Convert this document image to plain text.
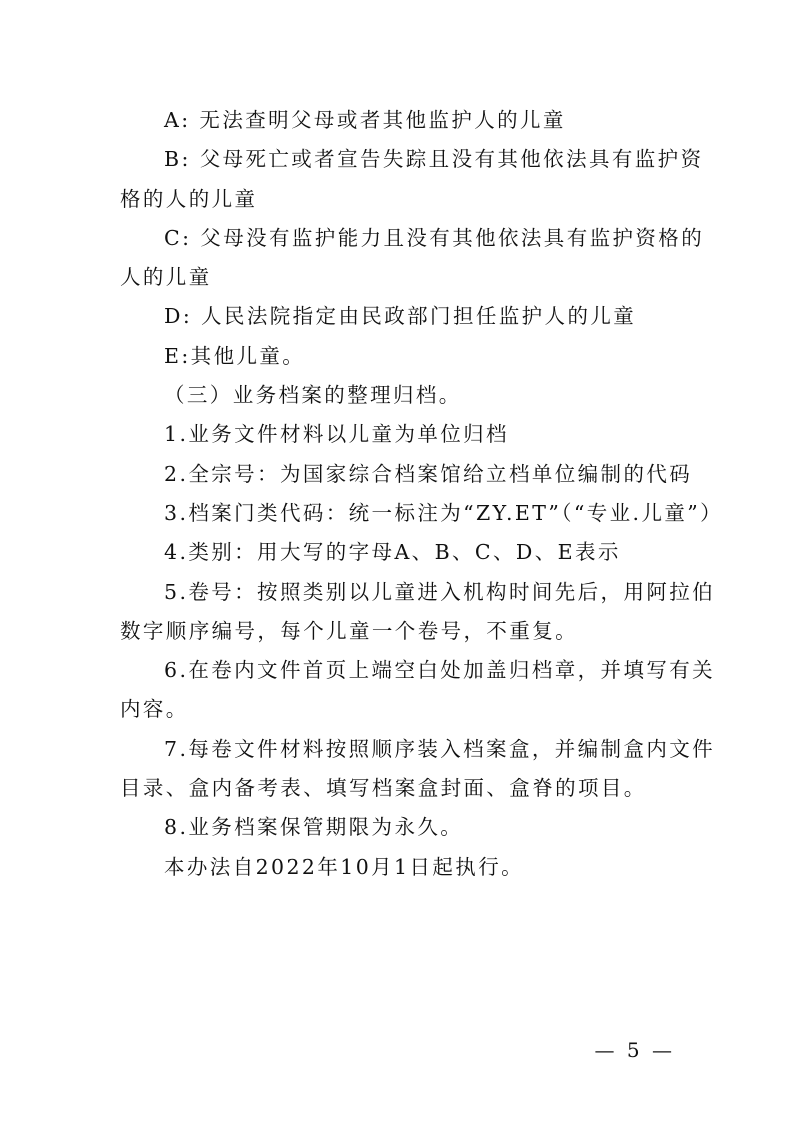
A: 无法查明父母或者其他监护人的儿童

B: 父母死亡或者宣告失踪且没有其他依法具有监护资

格的人的儿童

C: 父母没有监护能力且没有其他依法具有监护资格的

人的儿童

D: 人民法院指定由民政部门担任监护人的儿童

E:其他儿童。

（三）业务档案的整理归档。

1.业务文件材料以儿童为单位归档

2.全宗号：为国家综合档案馆给立档单位编制的代码

3.档案门类代码：统一标注为“ZY.ET”（“专业.儿童”）

4.类别：用大写的字母A、B、C、D、E表示

5.卷号：按照类别以儿童进入机构时间先后，用阿拉伯

数字顺序编号，每个儿童一个卷号，不重复。

6.在卷内文件首页上端空白处加盖归档章，并填写有关

内容。

7.每卷文件材料按照顺序装入档案盒，并编制盒内文件

目录、盒内备考表、填写档案盒封面、盒脊的项目。

8.业务档案保管期限为永久。

本办法自2022年10月1日起执行。

— 5 —
